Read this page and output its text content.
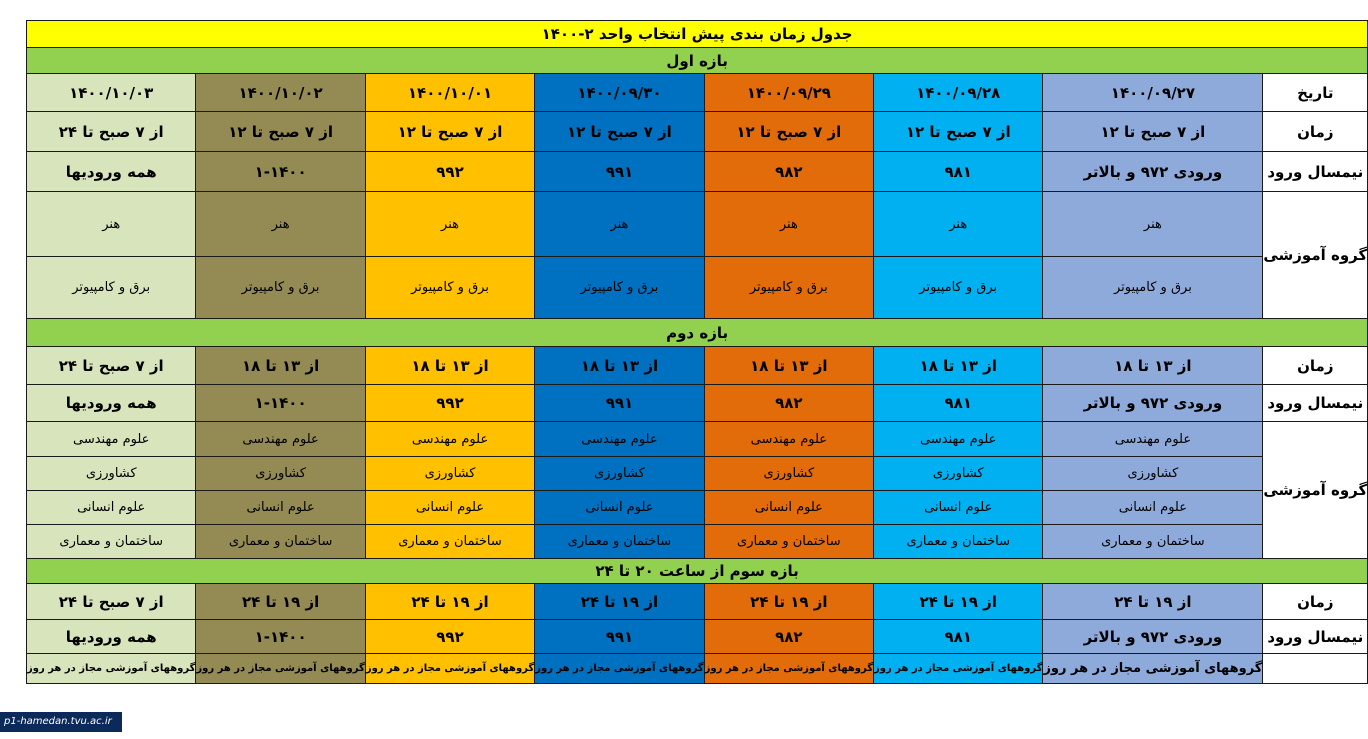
جدول زمان بندی پیش انتخاب واحد ۲-۱۴۰۰							
بازه اول							
تاریخ	۱۴۰۰/۰۹/۲۷	۱۴۰۰/۰۹/۲۸	۱۴۰۰/۰۹/۲۹	۱۴۰۰/۰۹/۳۰	۱۴۰۰/۱۰/۰۱	۱۴۰۰/۱۰/۰۲	۱۴۰۰/۱۰/۰۳
زمان	از ۷ صبح تا ۱۲	از ۷ صبح تا ۱۲	از ۷ صبح تا ۱۲	از ۷ صبح تا ۱۲	از ۷ صبح تا ۱۲	از ۷ صبح تا ۱۲	از ۷ صبح تا ۲۴
نیمسال ورود	ورودی ۹۷۲ و بالاتر	۹۸۱	۹۸۲	۹۹۱	۹۹۲	۱-۱۴۰۰	همه ورودیها
گروه آموزشی	هنر	هنر	هنر	هنر	هنر	هنر	هنر
	برق و کامپیوتر	برق و کامپیوتر	برق و کامپیوتر	برق و کامپیوتر	برق و کامپیوتر	برق و کامپیوتر	برق و کامپیوتر
بازه دوم							
زمان	از ۱۳ تا ۱۸	از ۱۳ تا ۱۸	از ۱۳ تا ۱۸	از ۱۳ تا ۱۸	از ۱۳ تا ۱۸	از ۱۳ تا ۱۸	از ۷ صبح تا ۲۴
نیمسال ورود	ورودی ۹۷۲ و بالاتر	۹۸۱	۹۸۲	۹۹۱	۹۹۲	۱-۱۴۰۰	همه ورودیها
گروه آموزشی	علوم مهندسی	علوم مهندسی	علوم مهندسی	علوم مهندسی	علوم مهندسی	علوم مهندسی	علوم مهندسی
	کشاورزی	کشاورزی	کشاورزی	کشاورزی	کشاورزی	کشاورزی	کشاورزی
	علوم انسانی	علوم انسانی	علوم انسانی	علوم انسانی	علوم انسانی	علوم انسانی	علوم انسانی
	ساختمان و معماری	ساختمان و معماری	ساختمان و معماری	ساختمان و معماری	ساختمان و معماری	ساختمان و معماری	ساختمان و معماری
بازه سوم از ساعت ۲۰ تا ۲۴							
زمان	از ۱۹ تا ۲۴	از ۱۹ تا ۲۴	از ۱۹ تا ۲۴	از ۱۹ تا ۲۴	از ۱۹ تا ۲۴	از ۱۹ تا ۲۴	از ۷ صبح تا ۲۴
نیمسال ورود	ورودی ۹۷۲ و بالاتر	۹۸۱	۹۸۲	۹۹۱	۹۹۲	۱-۱۴۰۰	همه ورودیها
	گروههای آموزشی مجاز در هر روز	گروههای آموزشی مجاز در هر روز	گروههای آموزشی مجاز در هر روز	گروههای آموزشی مجاز در هر روز	گروههای آموزشی مجاز در هر روز	گروههای آموزشی مجاز در هر روز	گروههای آموزشی مجاز در هر روز
p1-hamedan.tvu.ac.ir
